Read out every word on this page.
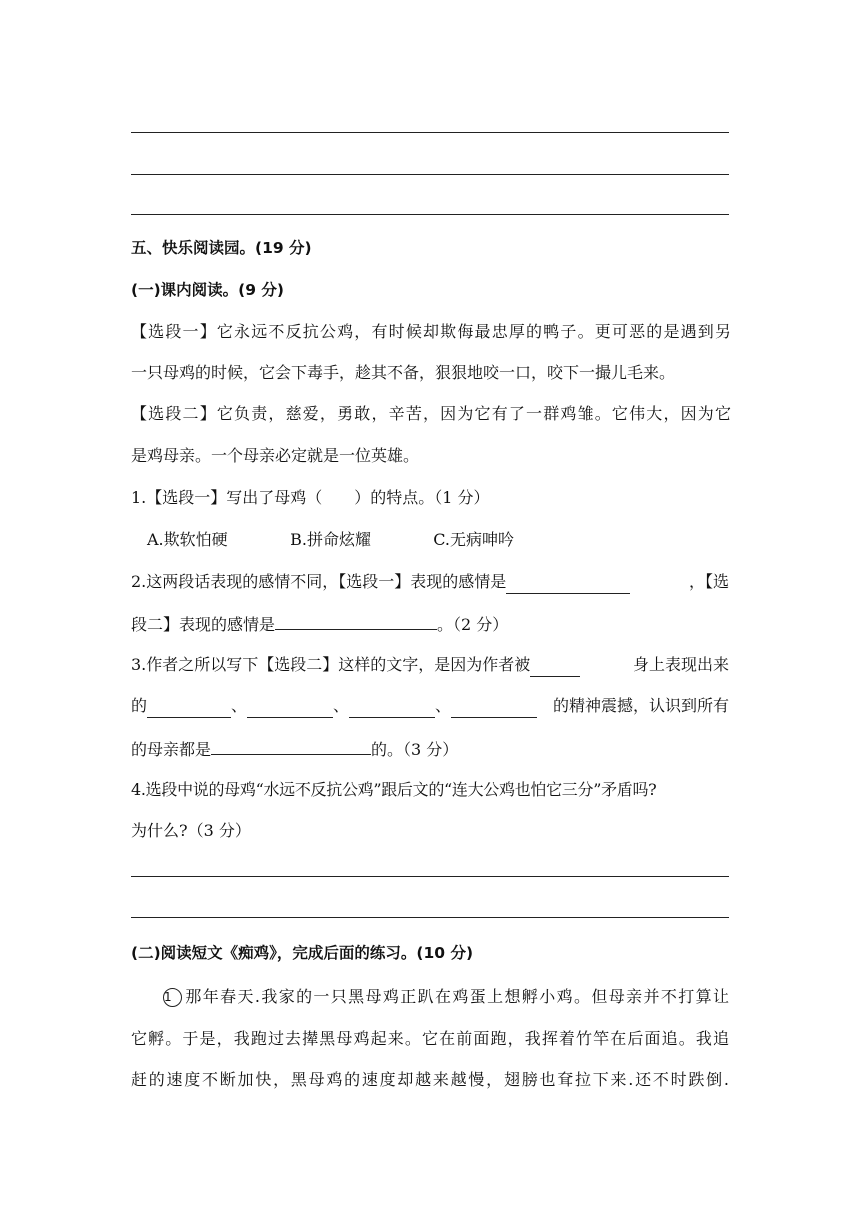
五、快乐阅读园。(19 分)
(一)课内阅读。(9 分)
【选段一】它永远不反抗公鸡，有时候却欺侮最忠厚的鸭子。更可恶的是遇到另
一只母鸡的时候，它会下毒手，趁其不备，狠狠地咬一口，咬下一撮儿毛来。
【选段二】它负责，慈爱，勇敢，辛苦，因为它有了一群鸡雏。它伟大，因为它
是鸡母亲。一个母亲必定就是一位英雄。
1.【选段一】写出了母鸡（　　）的特点。（1 分）
A.欺软怕硬	B.拼命炫耀	C.无病呻吟
2.这两段话表现的感情不同，【选段一】表现的感情是	，【选
段二】表现的感情是	。（2 分）
3.作者之所以写下【选段二】这样的文字，是因为作者被	身上表现出来
的	、	、	、	的精神震撼，认识到所有
的母亲都是	的。（3 分）
4.选段中说的母鸡“水远不反抗公鸡”跟后文的“连大公鸡也怕它三分”矛盾吗?
为什么?（3 分）
(二)阅读短文《痴鸡》，完成后面的练习。(10 分)
1 那年春天.我家的一只黑母鸡正趴在鸡蛋上想孵小鸡。但母亲并不打算让
它孵。于是，我跑过去撵黑母鸡起来。它在前面跑，我挥着竹竿在后面追。我追
赶的速度不断加快，黑母鸡的速度却越来越慢，翅膀也耷拉下来.还不时跌倒.
